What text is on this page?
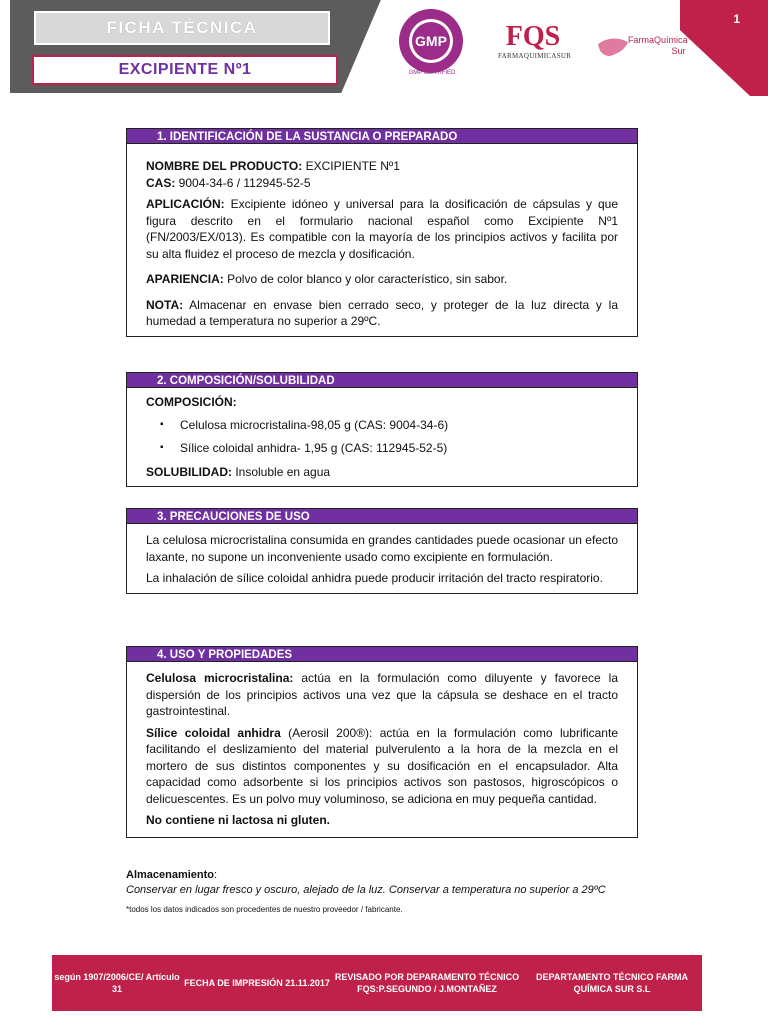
1
FICHA TÉCNICA
EXCIPIENTE Nº1
GMP
GMP CERTIFIED
FQS
FARMAQUIMICASUR
FarmaQuímica
Sur
1. IDENTIFICACIÓN DE LA SUSTANCIA O PREPARADO

NOMBRE DEL PRODUCTO: EXCIPIENTE Nº1

CAS: 9004-34-6 / 112945-52-5

APLICACIÓN: Excipiente idóneo y universal para la dosificación de cápsulas y que figura descrito en el formulario nacional español como Excipiente Nº1 (FN/2003/EX/013). Es compatible con la mayoría de los principios activos y facilita por su alta fluidez el proceso de mezcla y dosificación.

APARIENCIA: Polvo de color blanco y olor característico, sin sabor.

NOTA: Almacenar en envase bien cerrado seco, y proteger de la luz directa y la humedad a temperatura no superior a 29ºC.

2. COMPOSICIÓN/SOLUBILIDAD

COMPOSICIÓN:

▪ Celulosa microcristalina-98,05 g (CAS: 9004-34-6)
▪ Sílice coloidal anhidra- 1,95 g (CAS: 112945-52-5)

SOLUBILIDAD: Insoluble en agua

3. PRECAUCIONES DE USO

La celulosa microcristalina consumida en grandes cantidades puede ocasionar un efecto laxante, no supone un inconveniente usado como excipiente en formulación.

La inhalación de sílice coloidal anhidra puede producir irritación del tracto respiratorio.

4. USO Y PROPIEDADES

Celulosa microcristalina: actúa en la formulación como diluyente y favorece la dispersión de los principios activos una vez que la cápsula se deshace en el tracto gastrointestinal.

Sílice coloidal anhidra (Aerosil 200®): actúa en la formulación como lubrificante facilitando el deslizamiento del material pulverulento a la hora de la mezcla en el mortero de sus distintos componentes y su dosificación en el encapsulador. Alta capacidad como adsorbente si los principios activos son pastosos, higroscópicos o delicuescentes. Es un polvo muy voluminoso, se adiciona en muy pequeña cantidad.

No contiene ni lactosa ni gluten.

Almacenamiento:
Conservar en lugar fresco y oscuro, alejado de la luz. Conservar a temperatura no superior a 29ºC
*todos los datos indicados son procedentes de nuestro proveedor / fabricante.
según 1907/2006/CE/ Artículo 31
FECHA DE IMPRESIÓN 21.11.2017
REVISADO POR DEPARAMENTO TÉCNICO FQS:P.SEGUNDO / J.MONTAÑEZ
DEPARTAMENTO TÉCNICO FARMA QUÍMICA SUR S.L
